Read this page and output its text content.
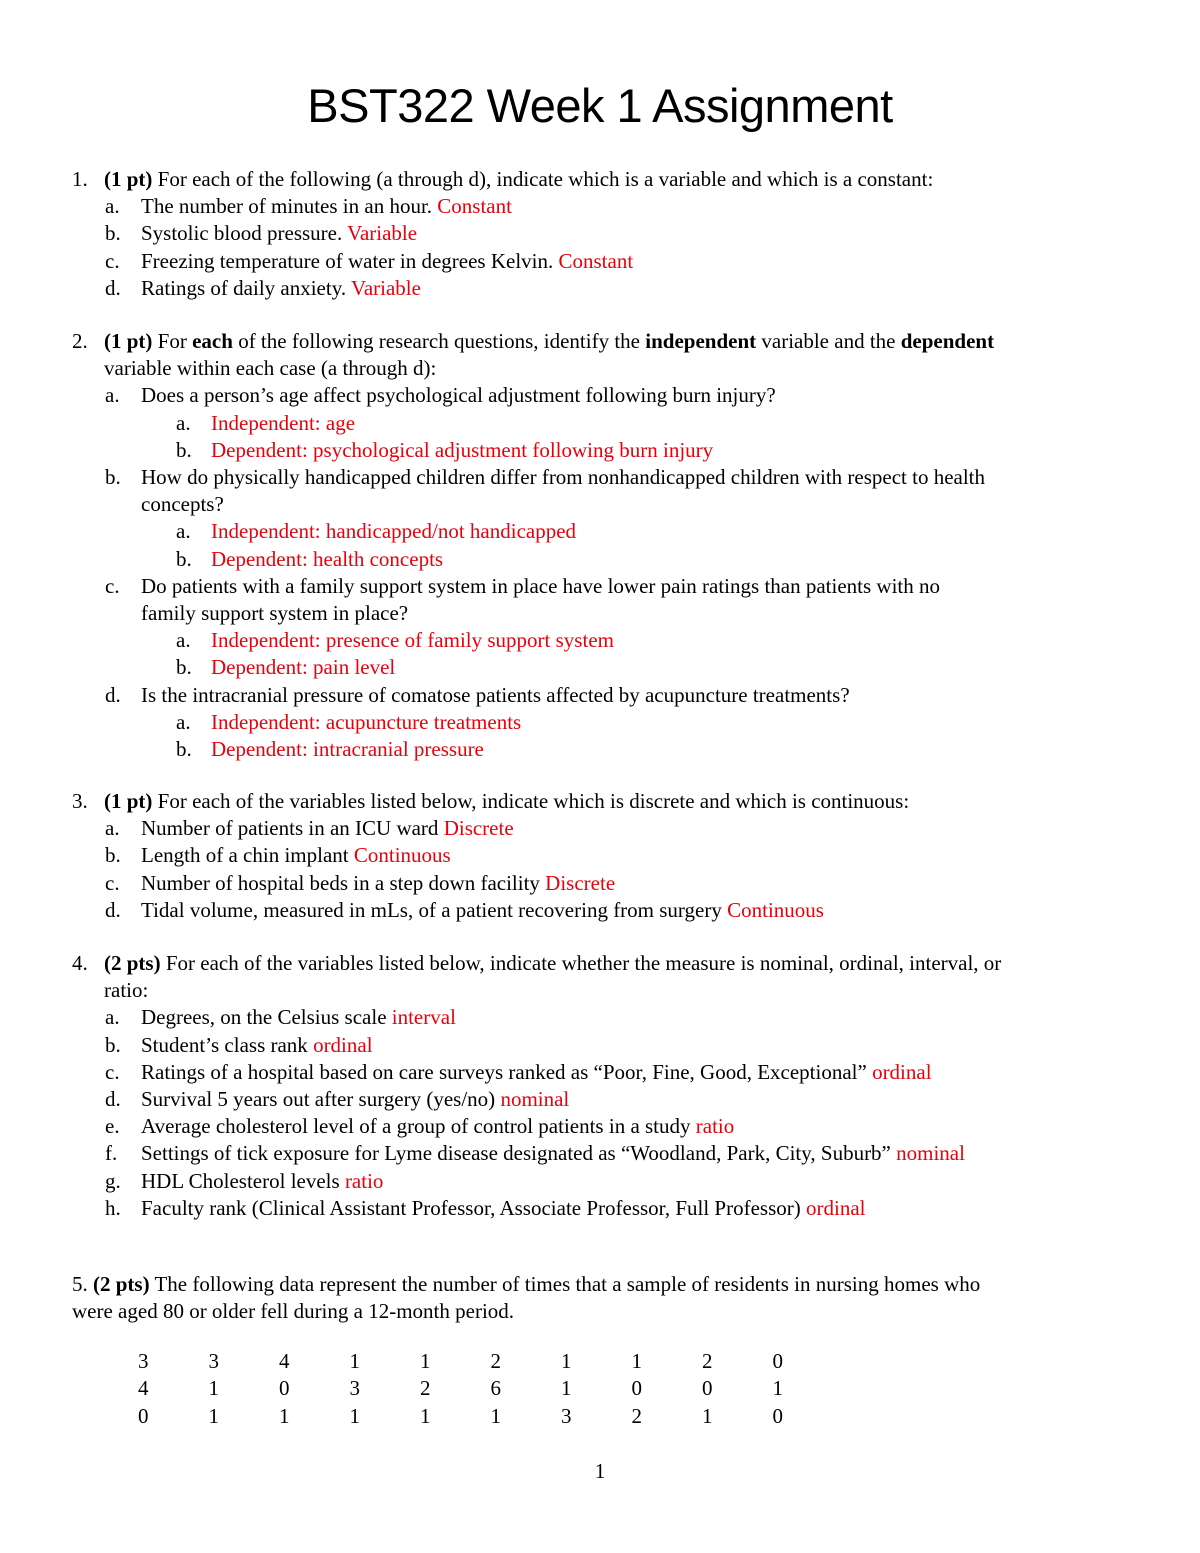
BST322 Week 1 Assignment
1. (1 pt) For each of the following (a through d), indicate which is a variable and which is a constant:
a. The number of minutes in an hour. Constant
b. Systolic blood pressure. Variable
c. Freezing temperature of water in degrees Kelvin. Constant
d. Ratings of daily anxiety. Variable
2. (1 pt) For each of the following research questions, identify the independent variable and the dependent
variable within each case (a through d):
a. Does a person’s age affect psychological adjustment following burn injury?
a. Independent: age
b. Dependent: psychological adjustment following burn injury
b. How do physically handicapped children differ from nonhandicapped children with respect to health
concepts?
a. Independent: handicapped/not handicapped
b. Dependent: health concepts
c. Do patients with a family support system in place have lower pain ratings than patients with no
family support system in place?
a. Independent: presence of family support system
b. Dependent: pain level
d. Is the intracranial pressure of comatose patients affected by acupuncture treatments?
a. Independent: acupuncture treatments
b. Dependent: intracranial pressure
3. (1 pt) For each of the variables listed below, indicate which is discrete and which is continuous:
a. Number of patients in an ICU ward Discrete
b. Length of a chin implant Continuous
c. Number of hospital beds in a step down facility Discrete
d. Tidal volume, measured in mLs, of a patient recovering from surgery Continuous
4. (2 pts) For each of the variables listed below, indicate whether the measure is nominal, ordinal, interval, or
ratio:
a. Degrees, on the Celsius scale interval
b. Student’s class rank ordinal
c. Ratings of a hospital based on care surveys ranked as “Poor, Fine, Good, Exceptional” ordinal
d. Survival 5 years out after surgery (yes/no) nominal
e. Average cholesterol level of a group of control patients in a study ratio
f. Settings of tick exposure for Lyme disease designated as “Woodland, Park, City, Suburb” nominal
g. HDL Cholesterol levels ratio
h. Faculty rank (Clinical Assistant Professor, Associate Professor, Full Professor) ordinal
5. (2 pts) The following data represent the number of times that a sample of residents in nursing homes who
were aged 80 or older fell during a 12-month period.
3	3	4	1	1	2	1	1	2	0
4	1	0	3	2	6	1	0	0	1
0	1	1	1	1	1	3	2	1	0
1
